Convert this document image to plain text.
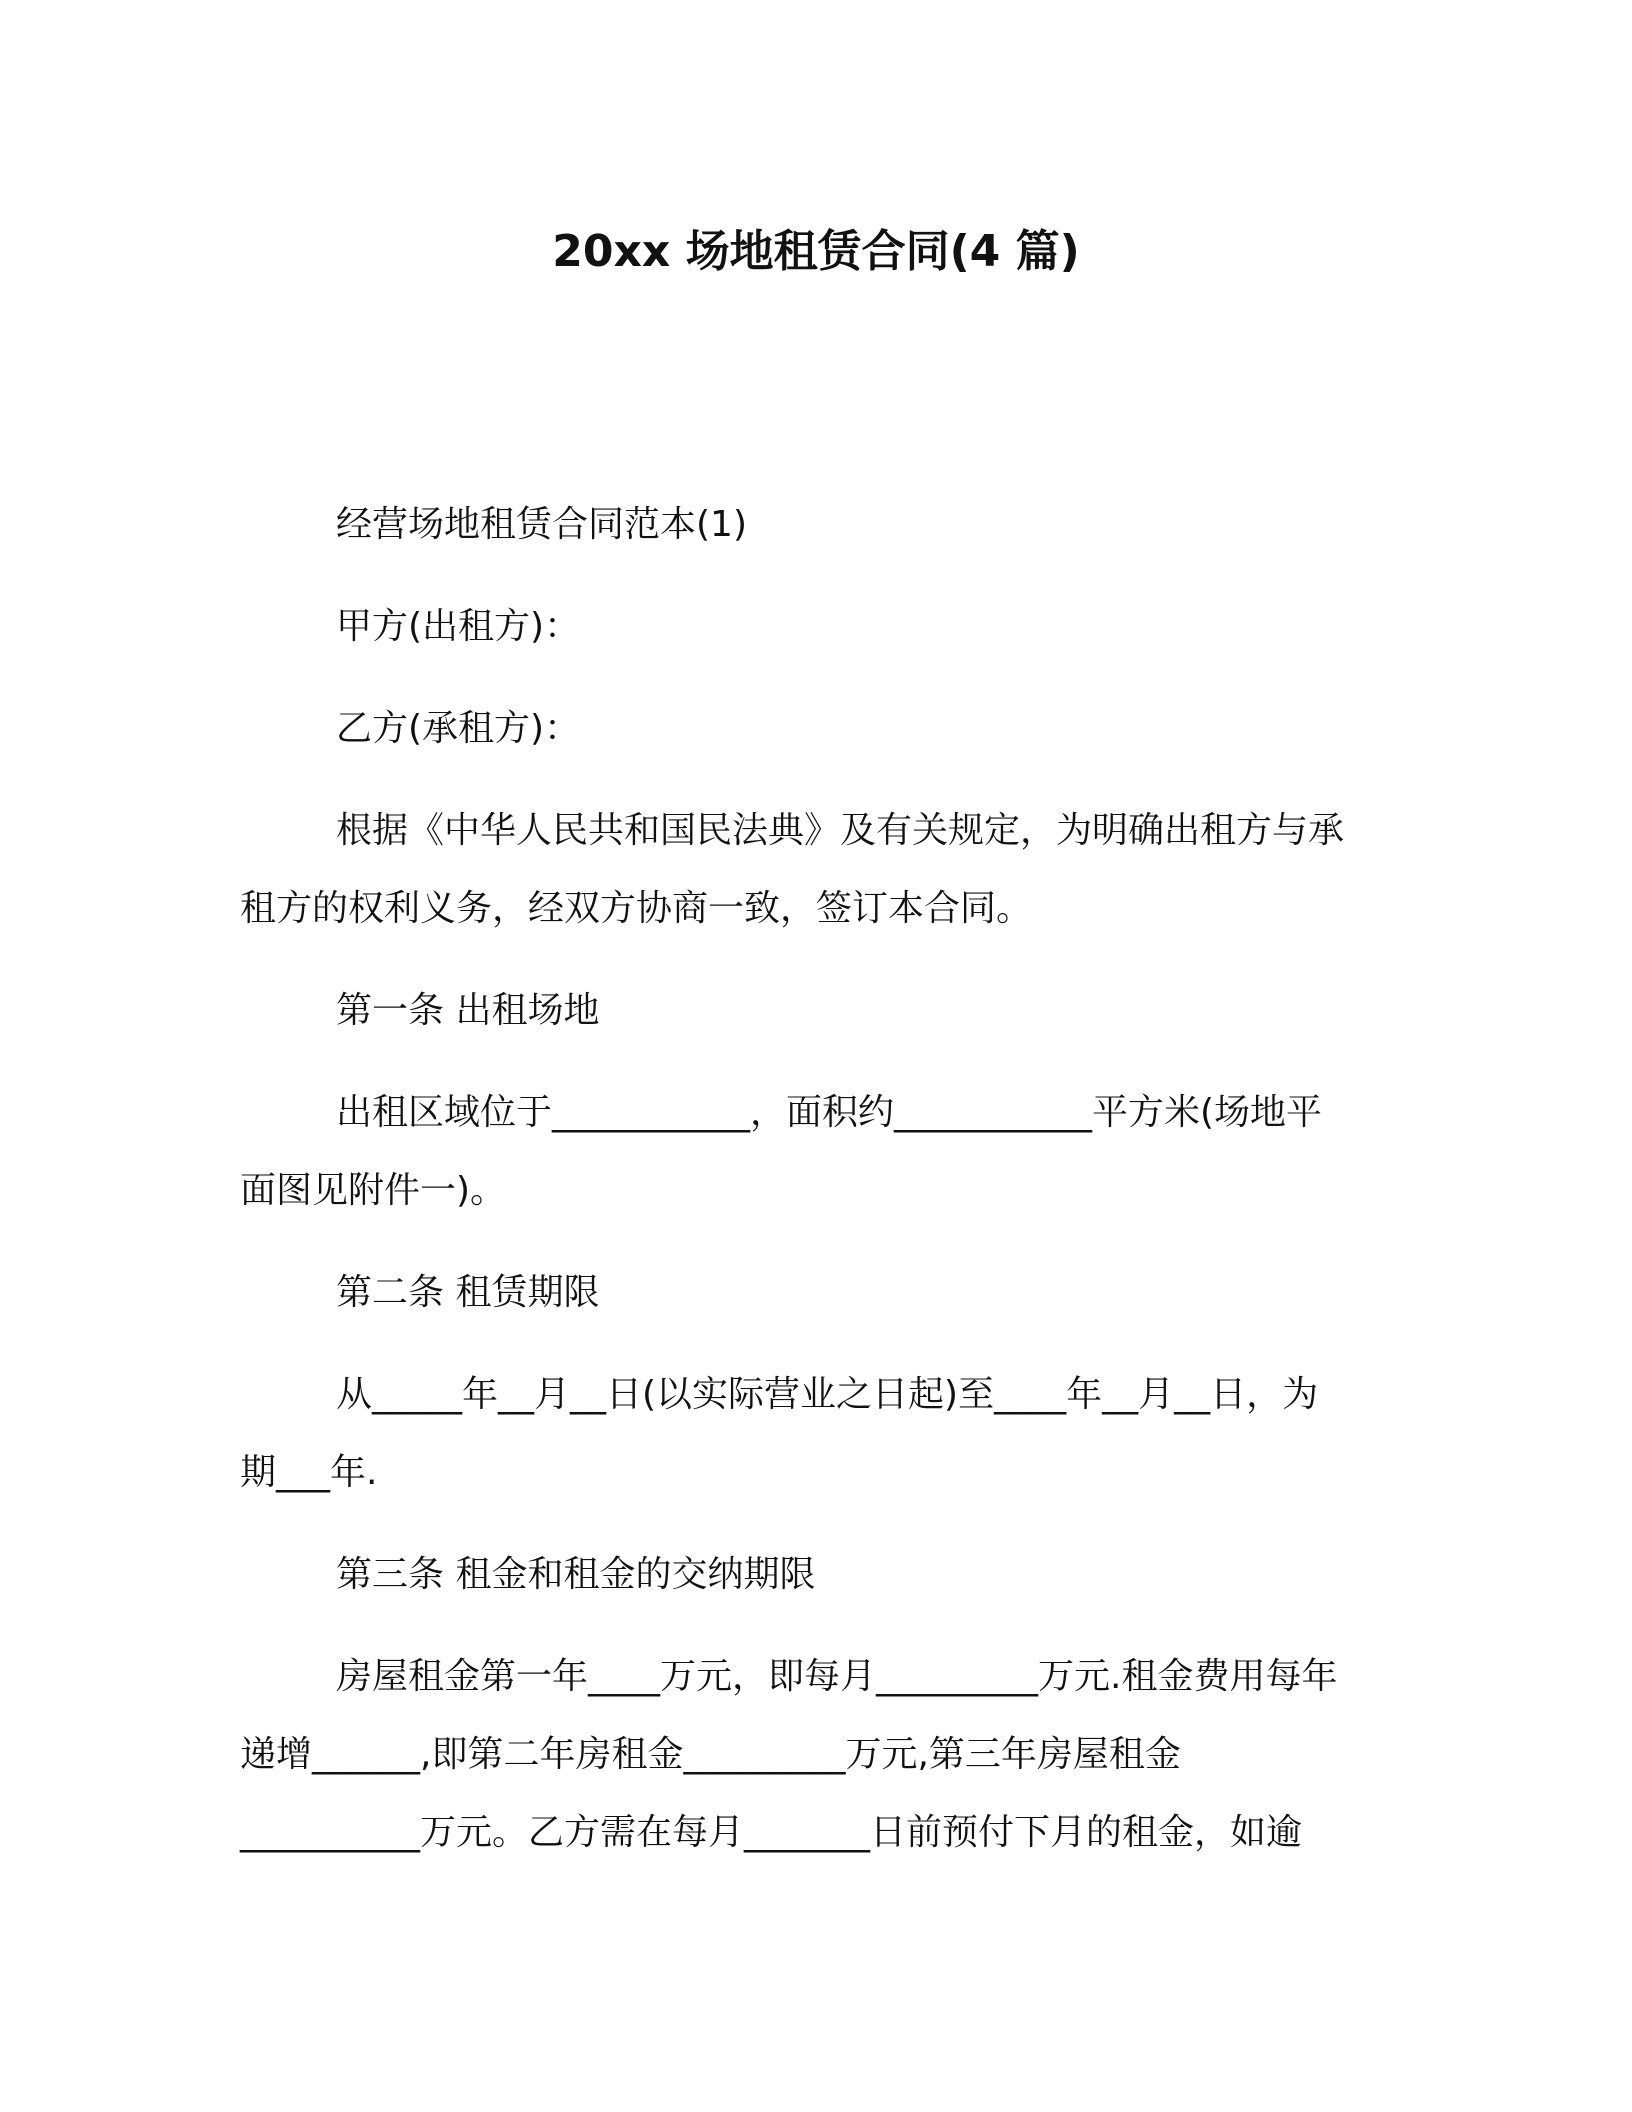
20xx 场地租赁合同(4 篇)
经营场地租赁合同范本(1)
甲方(出租方)：
乙方(承租方)：
根据《中华人民共和国民法典》及有关规定，为明确出租方与承
租方的权利义务，经双方协商一致，签订本合同。
第一条 出租场地
出租区域位于___________，面积约___________平方米(场地平
面图见附件一)。
第二条 租赁期限
从_____年__月__日(以实际营业之日起)至____年__月__日，为
期___年.
第三条 租金和租金的交纳期限
房屋租金第一年____万元，即每月_________万元.租金费用每年
递增______,即第二年房租金_________万元,第三年房屋租金
__________万元。乙方需在每月_______日前预付下月的租金，如逾
